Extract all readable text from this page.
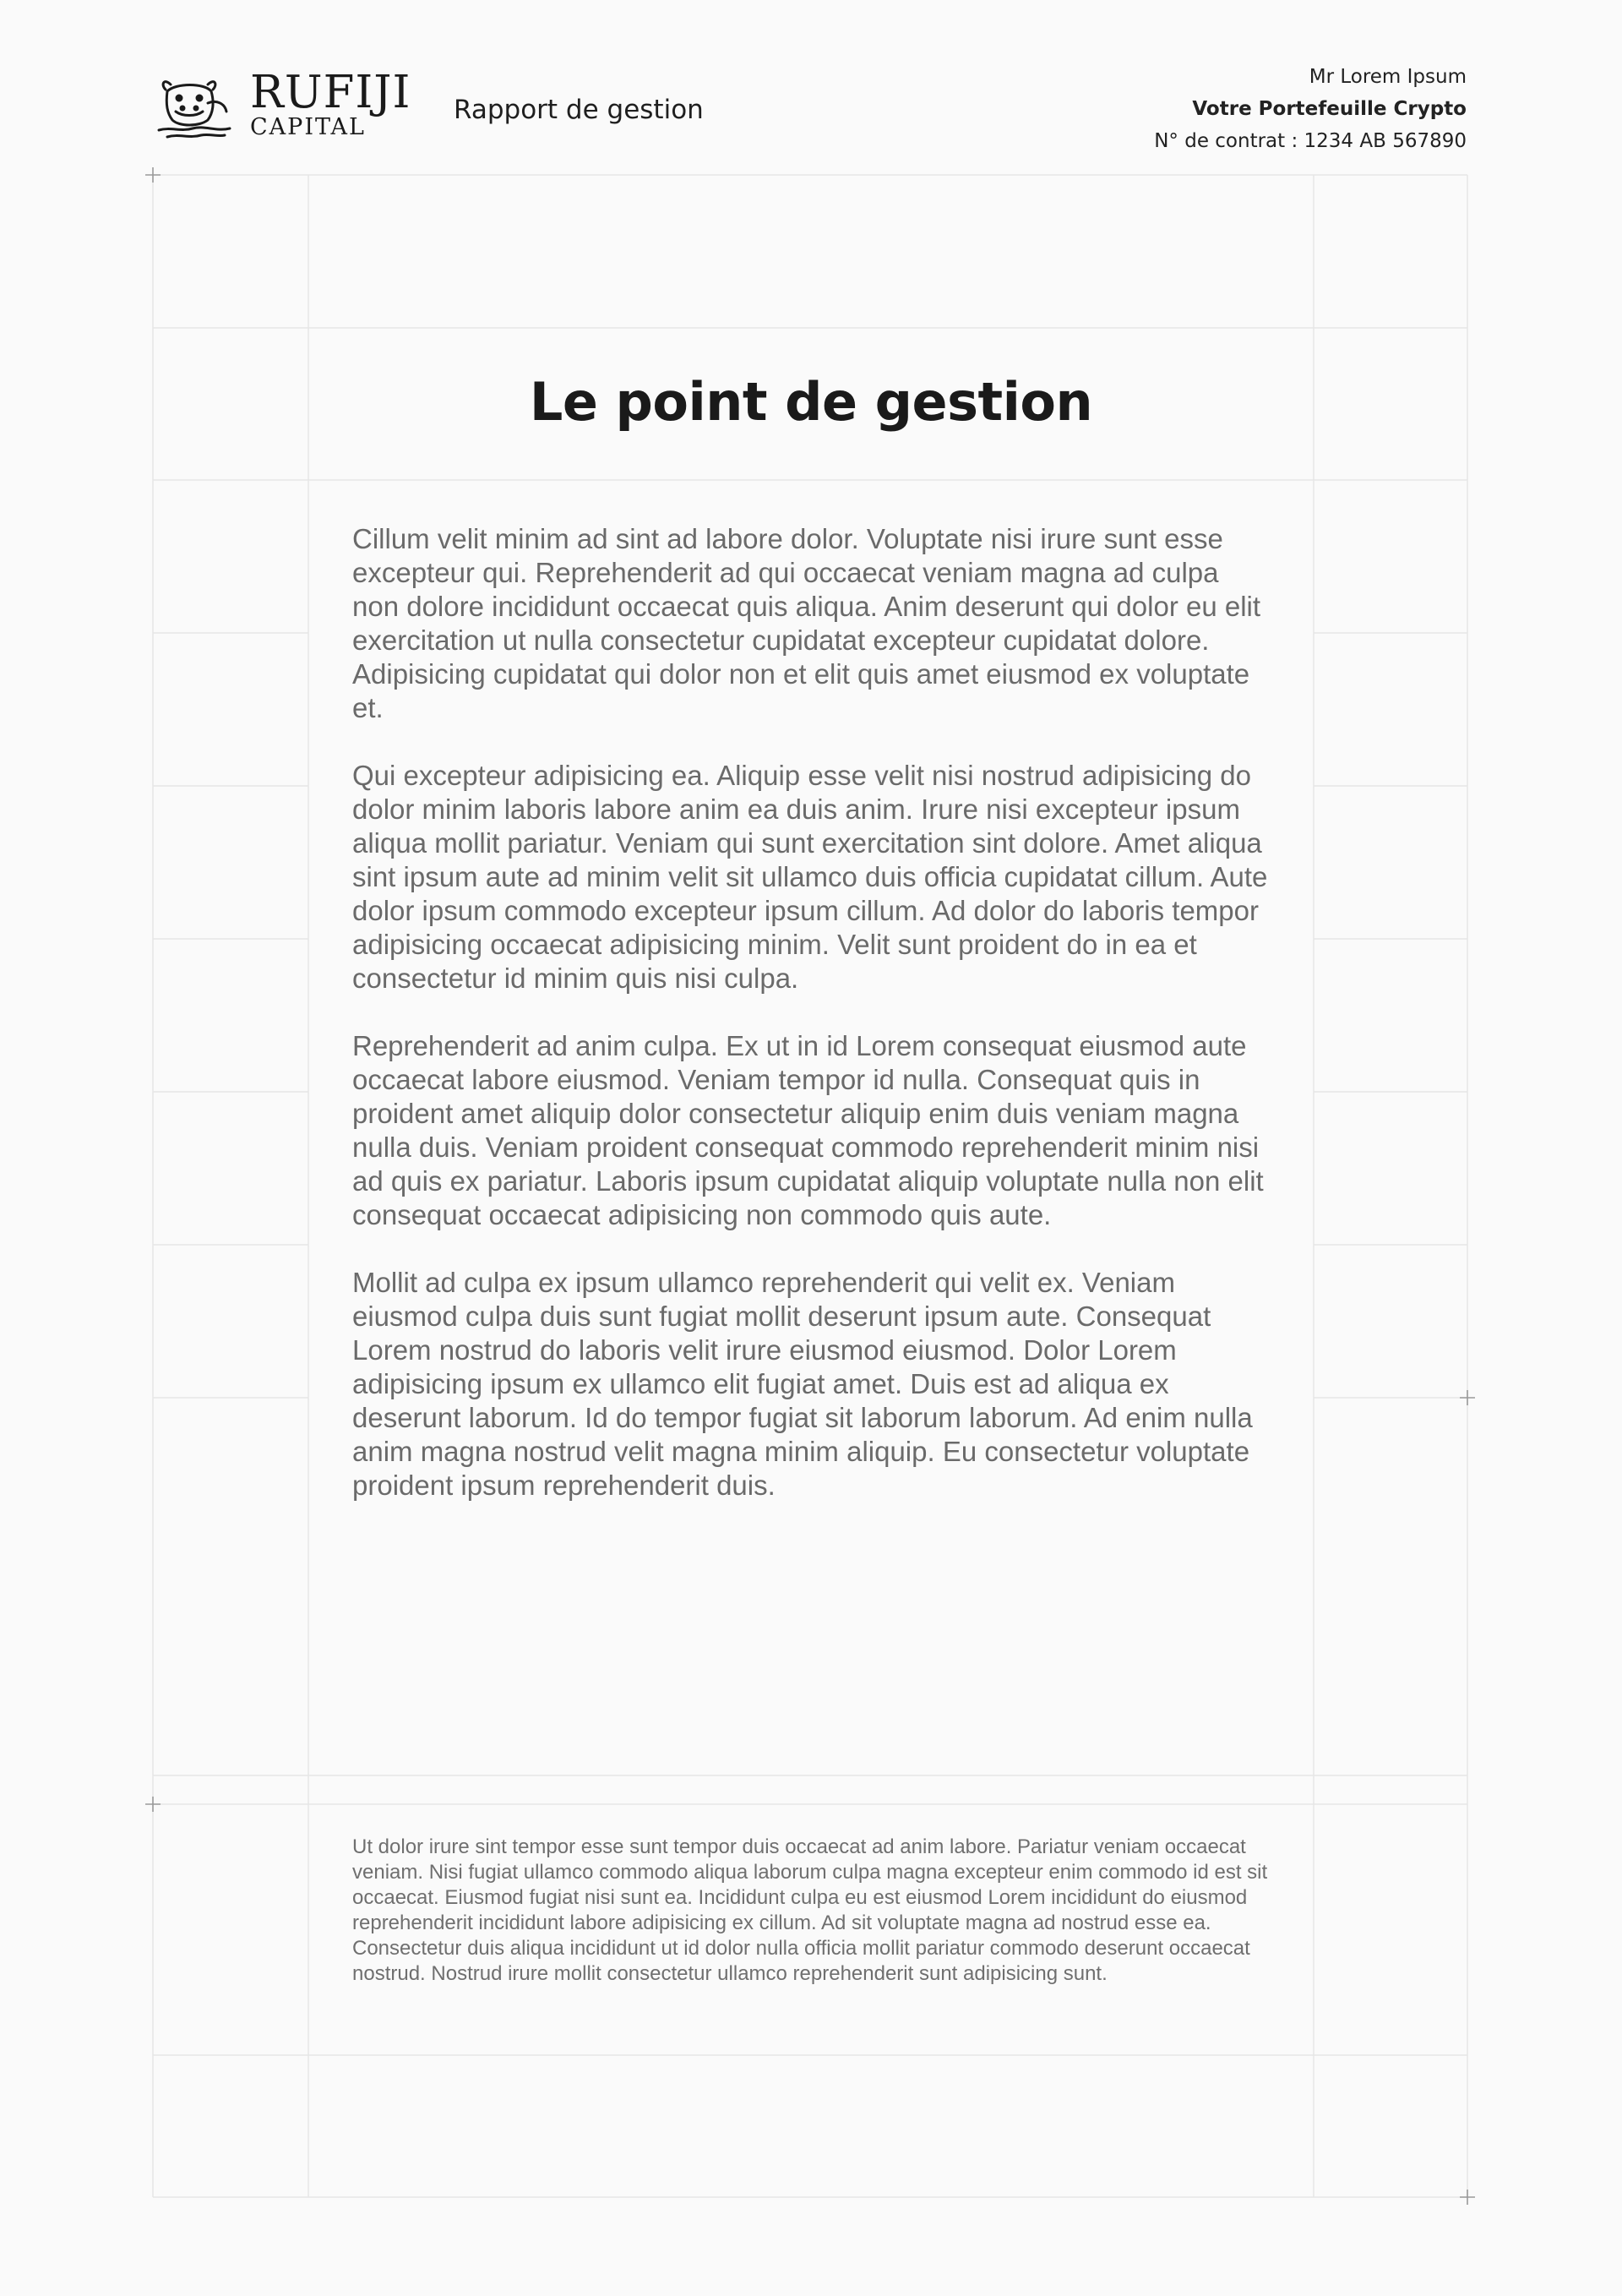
RUFIJI
CAPITAL
Rapport de gestion
Mr Lorem Ipsum
Votre Portefeuille Crypto
N° de contrat : 1234 AB 567890
Le point de gestion

Cillum velit minim ad sint ad labore dolor. Voluptate nisi irure sunt esse excepteur qui. Reprehenderit ad qui occaecat veniam magna ad culpa non dolore incididunt occaecat quis aliqua. Anim deserunt qui dolor eu elit exercitation ut nulla consectetur cupidatat excepteur cupidatat dolore. Adipisicing cupidatat qui dolor non et elit quis amet eiusmod ex voluptate et.

Qui excepteur adipisicing ea. Aliquip esse velit nisi nostrud adipisicing do dolor minim laboris labore anim ea duis anim. Irure nisi excepteur ipsum aliqua mollit pariatur. Veniam qui sunt exercitation sint dolore. Amet aliqua sint ipsum aute ad minim velit sit ullamco duis officia cupidatat cillum. Aute dolor ipsum commodo excepteur ipsum cillum. Ad dolor do laboris tempor adipisicing occaecat adipisicing minim. Velit sunt proident do in ea et consectetur id minim quis nisi culpa.

Reprehenderit ad anim culpa. Ex ut in id Lorem consequat eiusmod aute occaecat labore eiusmod. Veniam tempor id nulla. Consequat quis in proident amet aliquip dolor consectetur aliquip enim duis veniam magna nulla duis. Veniam proident consequat commodo reprehenderit minim nisi ad quis ex pariatur. Laboris ipsum cupidatat aliquip voluptate nulla non elit consequat occaecat adipisicing non commodo quis aute.

Mollit ad culpa ex ipsum ullamco reprehenderit qui velit ex. Veniam eiusmod culpa duis sunt fugiat mollit deserunt ipsum aute. Consequat Lorem nostrud do laboris velit irure eiusmod eiusmod. Dolor Lorem adipisicing ipsum ex ullamco elit fugiat amet. Duis est ad aliqua ex deserunt laborum. Id do tempor fugiat sit laborum laborum. Ad enim nulla anim magna nostrud velit magna minim aliquip. Eu consectetur voluptate proident ipsum reprehenderit duis.

Ut dolor irure sint tempor esse sunt tempor duis occaecat ad anim labore. Pariatur veniam occaecat veniam. Nisi fugiat ullamco commodo aliqua laborum culpa magna excepteur enim commodo id est sit occaecat. Eiusmod fugiat nisi sunt ea. Incididunt culpa eu est eiusmod Lorem incididunt do eiusmod reprehenderit incididunt labore adipisicing ex cillum. Ad sit voluptate magna ad nostrud esse ea. Consectetur duis aliqua incididunt ut id dolor nulla officia mollit pariatur commodo deserunt occaecat nostrud. Nostrud irure mollit consectetur ullamco reprehenderit sunt adipisicing sunt.
